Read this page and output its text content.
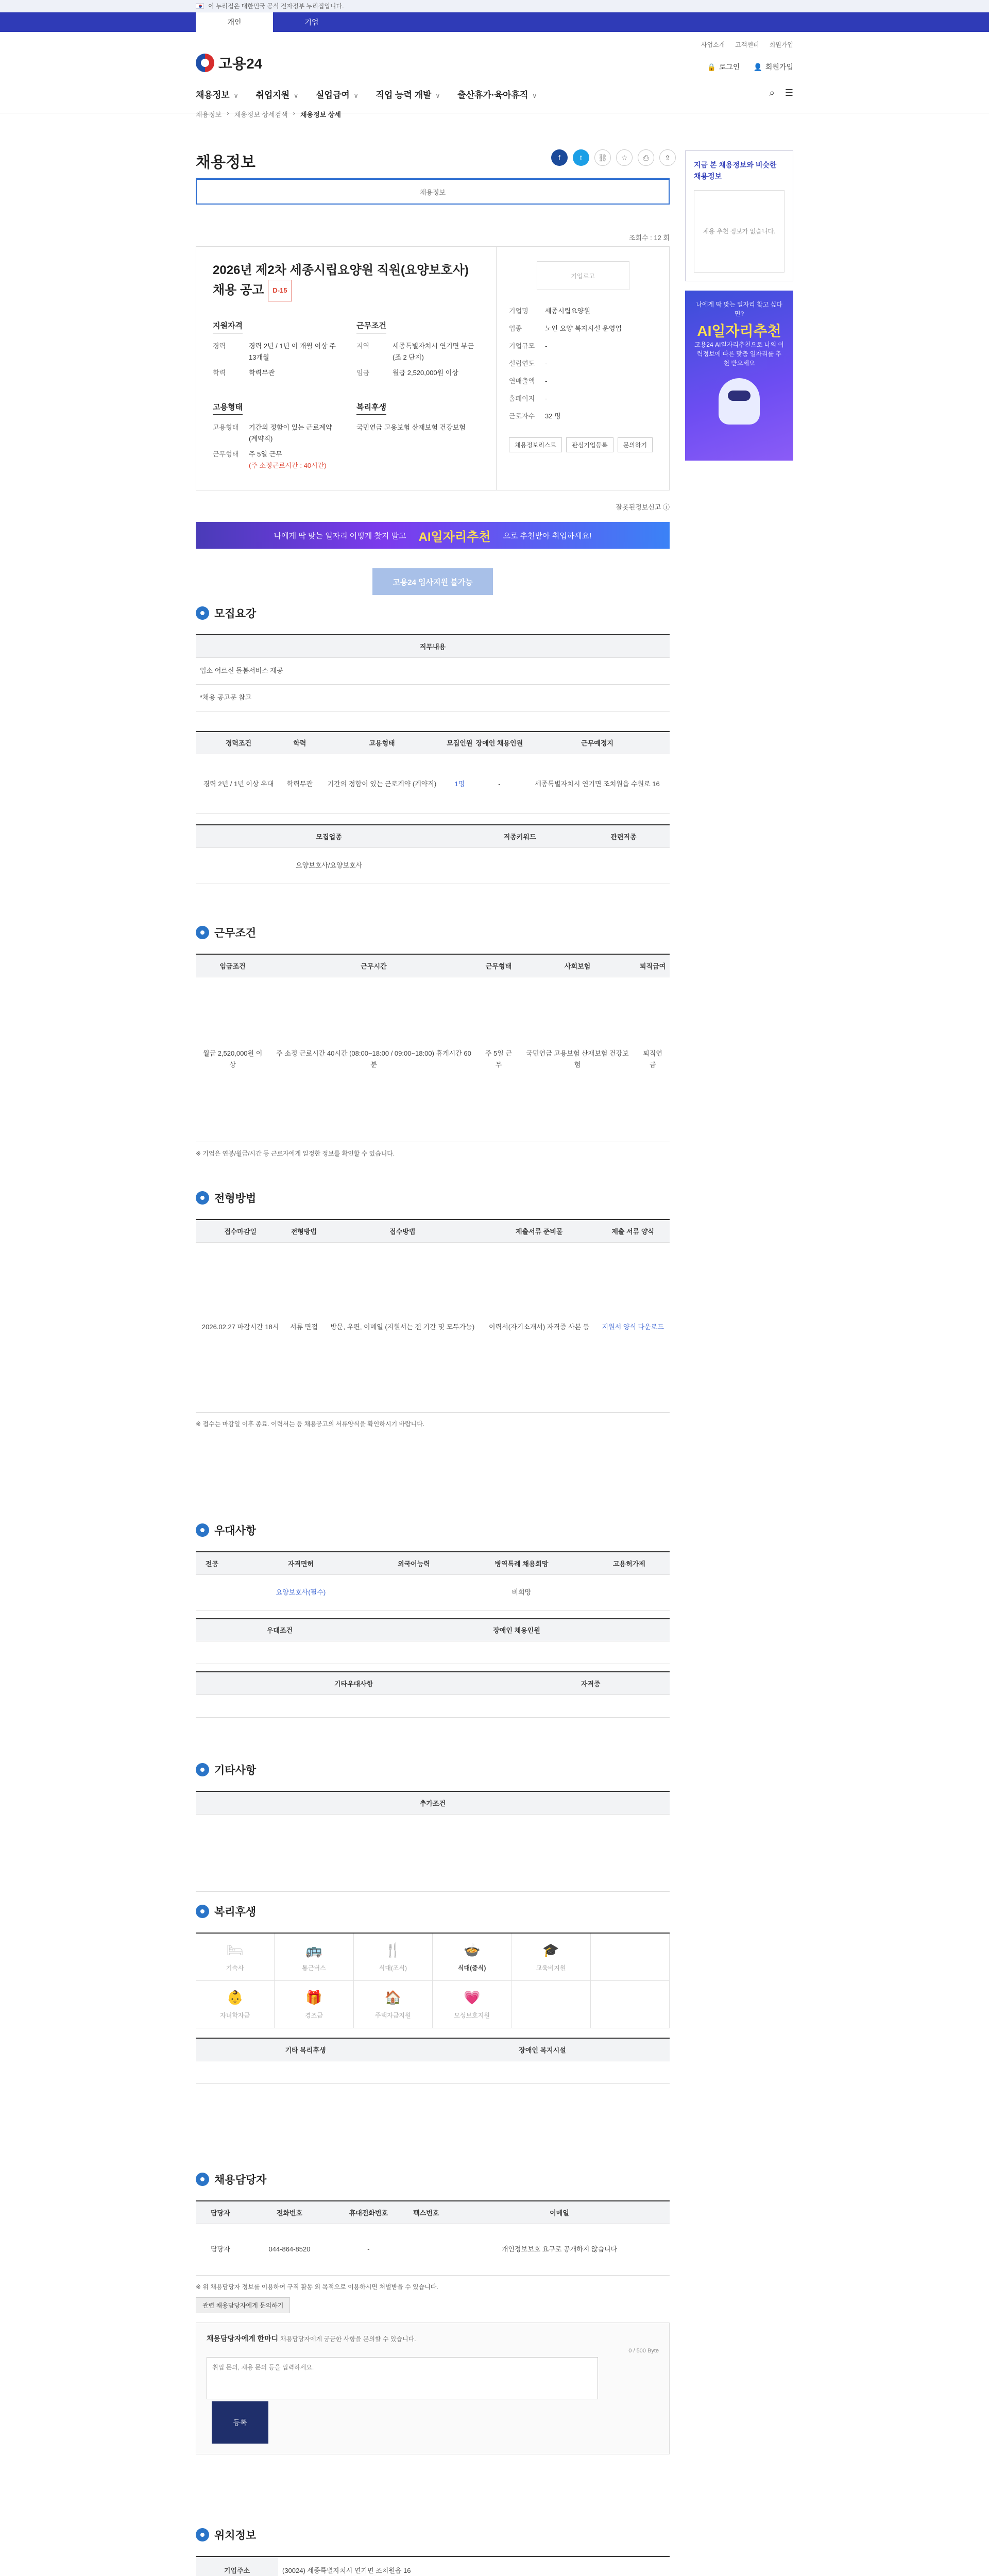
이 누리집은 대한민국 공식 전자정부 누리집입니다.
개인	기업
사업소개 고객센터 회원가입
고용24	🔒 로그인 👤 회원가입
채용정보 ∨ 취업지원 ∨ 실업급여 ∨ 직업 능력 개발 ∨ 출산휴가·육아휴직 ∨	⌕ ☰
채용정보 › 채용정보 상세검색 › 채용정보 상세
채용정보	f	t	⛓	☆	⎙	⇪
채용정보
조회수 : 12 회
2026년 제2차 세종시립요양원 직원(요양보호사) 채용 공고 D-15
지원자격
경력	경력 2년 / 1년 이 개월 이상 주13개월
학력	학력무관
근무조건
지역	세종특별자치시 연기면 부근(조 2 단지)
임금	월급 2,520,000원 이상
고용형태
고용형태	기간의 정함이 있는 근로계약 (계약직)
근무형태	주 5일 근무
(주 소정근로시간 : 40시간)
복리후생
국민연금 고용보험 산재보험 건강보험
기업로고
기업명 세종시립요양원
업종	노인 요양 복지시설 운영업
기업규모 -
설립연도 -
연매출액 -
홈페이지 -
근로자수 32 명
채용정보리스트	관심기업등록	문의하기
잘못된정보신고 ⓘ
나에게 딱 맞는 일자리 어떻게 찾지 말고 AI일자리추천 으로 추천받아 취업하세요!
고용24 입사지원 불가능
지금 본 채용정보와 비슷한 채용정보
채용 추천 정보가 없습니다.
나에게 딱 맞는 일자리 찾고 싶다면?
AI일자리추천
고용24 AI일자리추천으로 나의 이력정보에 따른 맞춤 일자리를 추천 받으세요
모집요강
직무내용
입소 어르신 돌봄서비스 제공
*채용 공고문 참고
경력조건	학력	고용형태	모집인원	장애인 채용인원	근무예정지
경력 2년 / 1년 이상 우대	학력무관	기간의 정함이 있는 근로계약 (계약직)	1명	-	세종특별자치시 연기면 조치원읍 수원로 16
모집업종	직종키워드	관련직종
요양보호사/요양보호사		
근무조건
임금조건	근무시간	근무형태	사회보험	퇴직급여
월급 2,520,000원 이상	주 소정 근로시간 40시간 (08:00~18:00 / 09:00~18:00) 휴게시간 60분	주 5일 근무	국민연금 고용보험 산재보험 건강보험	퇴직연금
※ 기업은 연봉/월급/시간 등 근로자에게 일정한 정보를 확인할 수 있습니다.
전형방법
접수마감일	전형방법	접수방법	제출서류 준비물	제출 서류 양식
2026.02.27 마감시간 18시	서류 면접	방문, 우편, 이메일 (지원서는 전 기간 및 모두가능)	이력서(자기소개서) 자격증 사본 등	지원서 양식 다운로드
※ 접수는 마감일 이후 종료. 이력서는 등 채용공고의 서류양식을 확인하시기 바랍니다.
우대사항
전공	자격면허	외국어능력	병역특례 채용희망	고용허가제
	요양보호사(필수)		비희망	
우대조건	장애인 채용인원

기타우대사항	자격증

기타사항
추가조건

복리후생
🛏
기숙사
🚌
통근버스
🍴
식대(조식)
🍲
식대(중식)
🎓
교육비지원
👶
자녀학자금
🎁
경조금
🏠
주택자금지원
💗
모성보호지원
기타 복리후생	장애인 복지시설

채용담당자
담당자	전화번호	휴대전화번호	팩스번호	이메일
담당자	044-864-8520	-		개인정보보호 요구로 공개하지 않습니다
※ 위 채용담당자 정보를 이용하여 구직 활동 외 목적으로 이용하시면 처벌받을 수 있습니다.
관련 채용담당자에게 문의하기
채용담당자에게 한마디 채용담당자에게 궁금한 사항을 문의할 수 있습니다.
0 / 500 Byte
취업 문의, 채용 문의 등을 입력하세요.등록
위치정보
기업주소	(30024) 세종특별자치시 연기면 조치원읍 16
